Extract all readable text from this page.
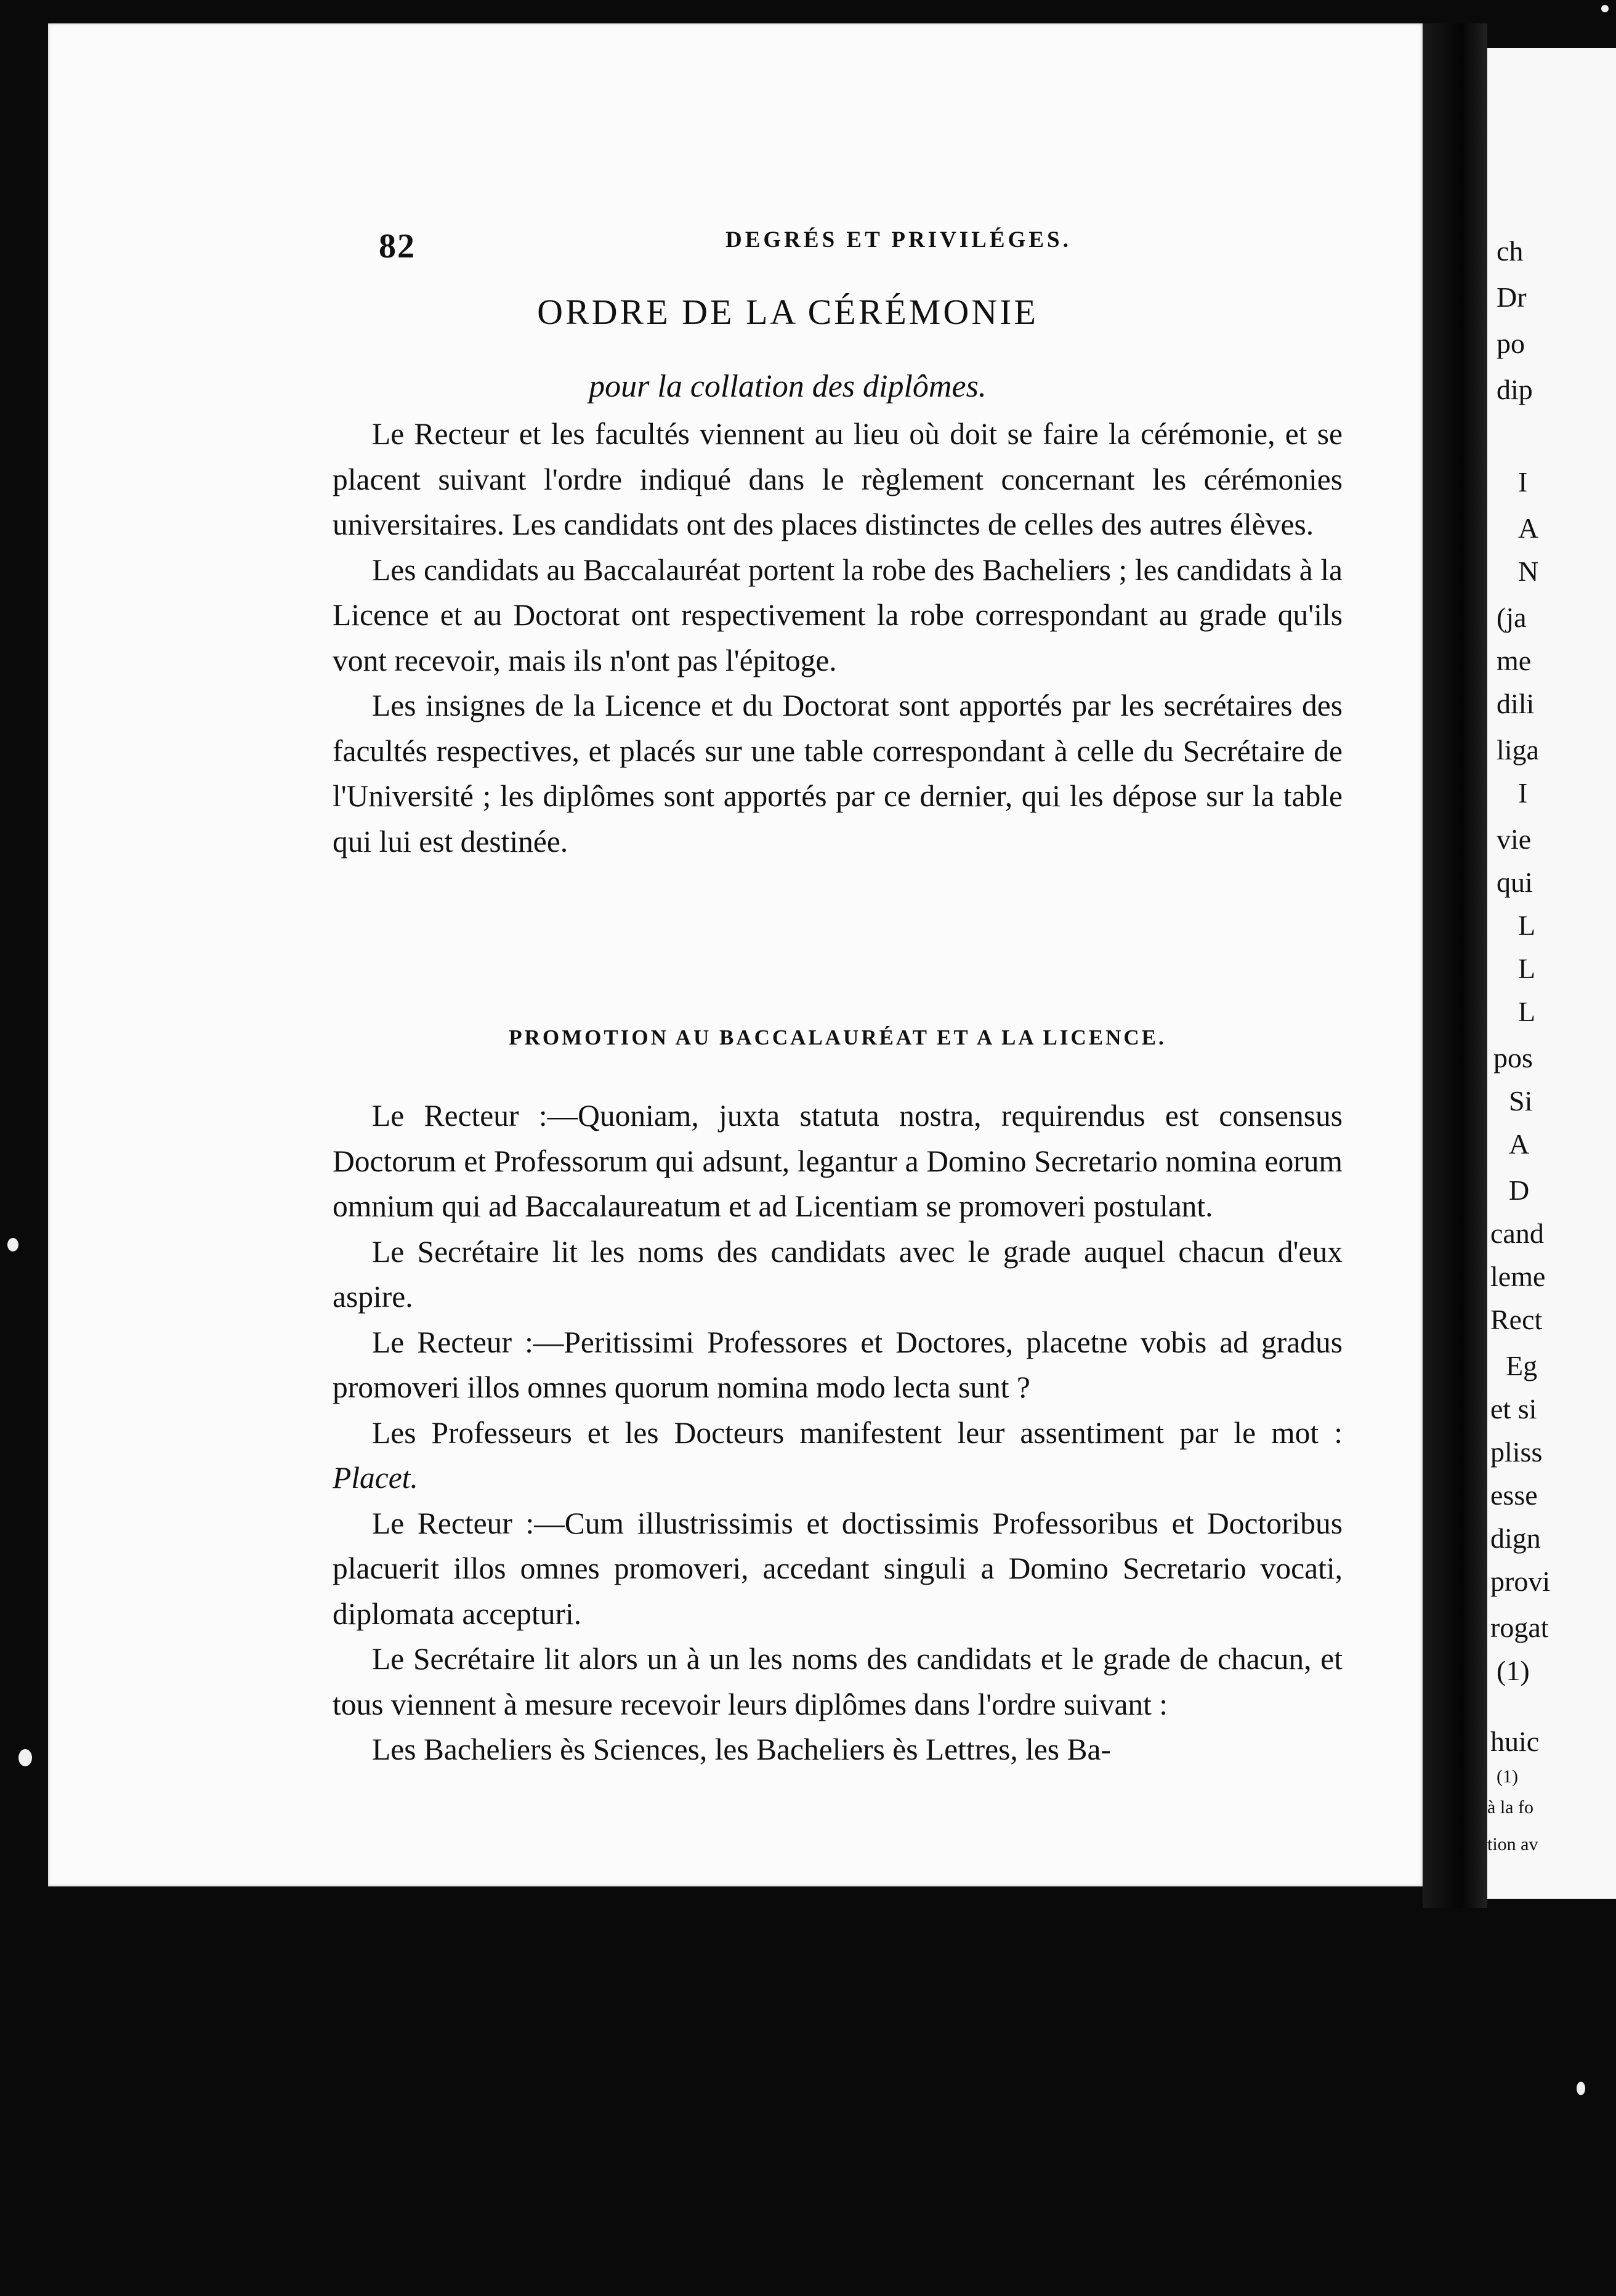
82	DEGRÉS ET PRIVILÉGES.
ORDRE DE LA CÉRÉMONIE
pour la collation des diplômes.

Le Recteur et les facultés viennent au lieu où doit se faire la cérémonie, et se placent suivant l'ordre indiqué dans le règlement concernant les cérémonies universitaires. Les candidats ont des places distinctes de celles des autres élèves.

Les candidats au Baccalauréat portent la robe des Bacheliers ; les candidats à la Licence et au Doctorat ont respectivement la robe correspondant au grade qu'ils vont recevoir, mais ils n'ont pas l'épitoge.

Les insignes de la Licence et du Doctorat sont apportés par les secrétaires des facultés respectives, et placés sur une table correspondant à celle du Secrétaire de l'Université ; les diplômes sont apportés par ce dernier, qui les dépose sur la table qui lui est destinée.

PROMOTION AU BACCALAURÉAT ET A LA LICENCE.

Le Recteur :—Quoniam, juxta statuta nostra, requirendus est consensus Doctorum et Professorum qui adsunt, legantur a Domino Secretario nomina eorum omnium qui ad Baccalaureatum et ad Licentiam se promoveri postulant.

Le Secrétaire lit les noms des candidats avec le grade auquel chacun d'eux aspire.

Le Recteur :—Peritissimi Professores et Doctores, placetne vobis ad gradus promoveri illos omnes quorum nomina modo lecta sunt ?

Les Professeurs et les Docteurs manifestent leur assentiment par le mot : Placet.

Le Recteur :—Cum illustrissimis et doctissimis Professoribus et Doctoribus placuerit illos omnes promoveri, accedant singuli a Domino Secretario vocati, diplomata accepturi.

Le Secrétaire lit alors un à un les noms des candidats et le grade de chacun, et tous viennent à mesure recevoir leurs diplômes dans l'ordre suivant :

Les Bacheliers ès Sciences, les Bacheliers ès Lettres, les Ba-

ch
Dr
po
dip
I
A
N
(ja
me
dili
liga
I
vie
qui
L
L
L
pos
Si
A
D
cand
leme
Rect
Eg
et si
pliss
esse
dign
provi
rogat
(1)
huic
(1)
à la fo
tion av
